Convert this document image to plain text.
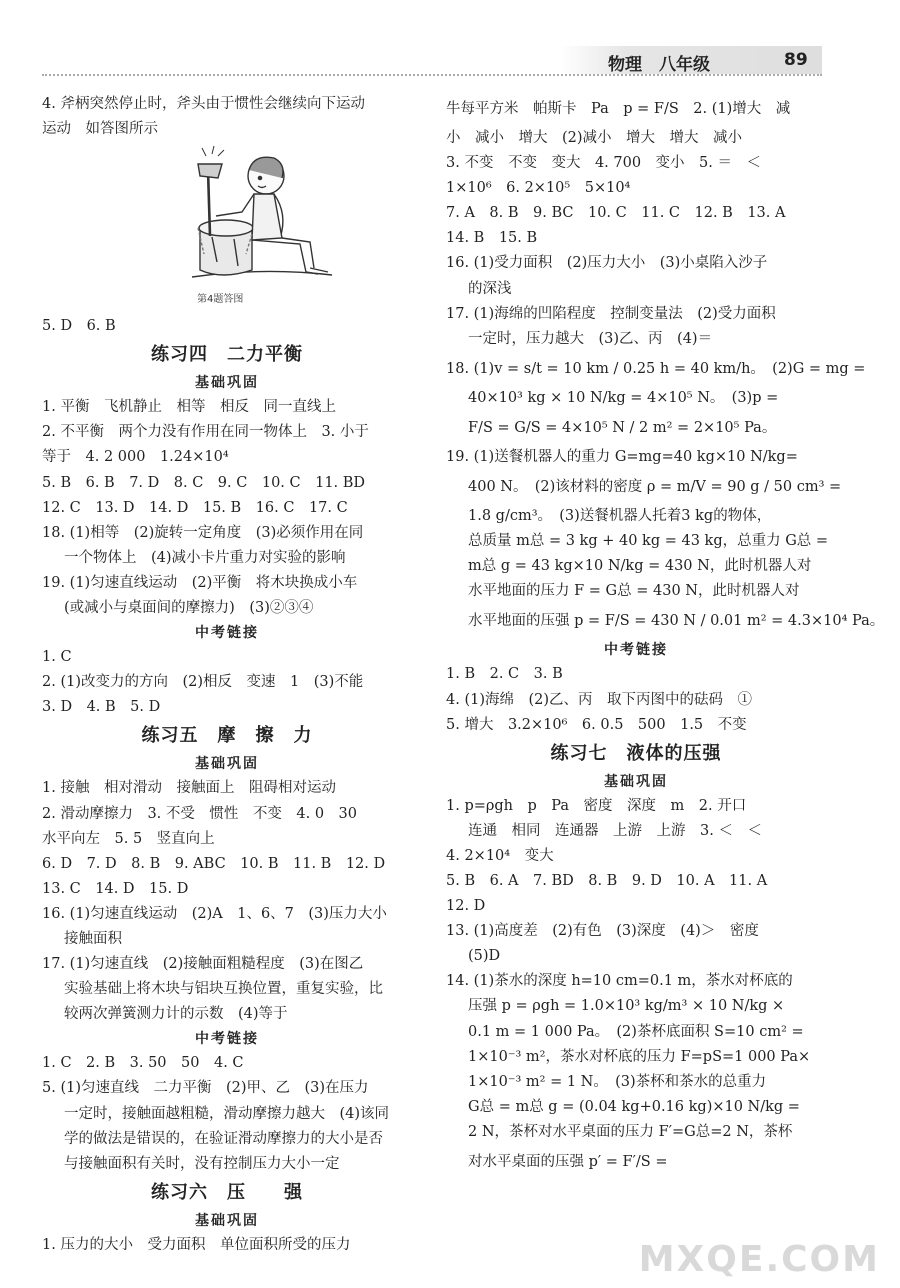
物理　八年级	89
4. 斧柄突然停止时，斧头由于惯性会继续向下运动
运动　如答图所示
第4题答图
5. D　6. B
练习四　二力平衡
基础巩固
1. 平衡　飞机静止　相等　相反　同一直线上
2. 不平衡　两个力没有作用在同一物体上　3. 小于
等于　4. 2 000　1.24×10⁴
5. B　6. B　7. D　8. C　9. C　10. C　11. BD
12. C　13. D　14. D　15. B　16. C　17. C
18. (1)相等　(2)旋转一定角度　(3)必须作用在同
一个物体上　(4)减小卡片重力对实验的影响
19. (1)匀速直线运动　(2)平衡　将木块换成小车
(或减小与桌面间的摩擦力)　(3)②③④
中考链接
1. C
2. (1)改变力的方向　(2)相反　变速　1　(3)不能
3. D　4. B　5. D
练习五　摩　擦　力
基础巩固
1. 接触　相对滑动　接触面上　阻碍相对运动
2. 滑动摩擦力　3. 不受　惯性　不变　4. 0　30
水平向左　5. 5　竖直向上
6. D　7. D　8. B　9. ABC　10. B　11. B　12. D
13. C　14. D　15. D
16. (1)匀速直线运动　(2)A　1、6、7　(3)压力大小
接触面积
17. (1)匀速直线　(2)接触面粗糙程度　(3)在图乙
实验基础上将木块与铝块互换位置，重复实验，比
较两次弹簧测力计的示数　(4)等于
中考链接
1. C　2. B　3. 50　50　4. C
5. (1)匀速直线　二力平衡　(2)甲、乙　(3)在压力
一定时，接触面越粗糙，滑动摩擦力越大　(4)该同
学的做法是错误的，在验证滑动摩擦力的大小是否
与接触面积有关时，没有控制压力大小一定
练习六　压　　强
基础巩固
1. 压力的大小　受力面积　单位面积所受的压力
牛每平方米　帕斯卡　Pa　p = F/S　2. (1)增大　减
小　减小　增大　(2)减小　增大　增大　减小
3. 不变　不变　变大　4. 700　变小　5. ＝　＜
1×10⁶　6. 2×10⁵　5×10⁴
7. A　8. B　9. BC　10. C　11. C　12. B　13. A
14. B　15. B
16. (1)受力面积　(2)压力大小　(3)小桌陷入沙子
的深浅
17. (1)海绵的凹陷程度　控制变量法　(2)受力面积
一定时，压力越大　(3)乙、丙　(4)＝
18. (1)v = s/t = 10 km / 0.25 h = 40 km/h。　(2)G = mg =
40×10³ kg × 10 N/kg = 4×10⁵ N。　(3)p =
F/S = G/S = 4×10⁵ N / 2 m² = 2×10⁵ Pa。
19. (1)送餐机器人的重力 G=mg=40 kg×10 N/kg=
400 N。　(2)该材料的密度 ρ = m/V = 90 g / 50 cm³ =
1.8 g/cm³。　(3)送餐机器人托着3 kg的物体，
总质量 m总 = 3 kg + 40 kg = 43 kg，总重力 G总 =
m总 g = 43 kg×10 N/kg = 430 N，此时机器人对
水平地面的压力 F = G总 = 430 N，此时机器人对
水平地面的压强 p = F/S = 430 N / 0.01 m² = 4.3×10⁴ Pa。
中考链接
1. B　2. C　3. B
4. (1)海绵　(2)乙、丙　取下丙图中的砝码　①
5. 增大　3.2×10⁶　6. 0.5　500　1.5　不变
练习七　液体的压强
基础巩固
1. p=ρgh　p　Pa　密度　深度　m　2. 开口
连通　相同　连通器　上游　上游　3. ＜　＜
4. 2×10⁴　变大
5. B　6. A　7. BD　8. B　9. D　10. A　11. A
12. D
13. (1)高度差　(2)有色　(3)深度　(4)＞　密度
(5)D
14. (1)茶水的深度 h=10 cm=0.1 m，茶水对杯底的
压强 p = ρgh = 1.0×10³ kg/m³ × 10 N/kg ×
0.1 m = 1 000 Pa。　(2)茶杯底面积 S=10 cm² =
1×10⁻³ m²，茶水对杯底的压力 F=pS=1 000 Pa×
1×10⁻³ m² = 1 N。　(3)茶杯和茶水的总重力
G总 = m总 g = (0.04 kg+0.16 kg)×10 N/kg =
2 N，茶杯对水平桌面的压力 F′=G总=2 N，茶杯
对水平桌面的压强 p′ = F′/S =
MXQE.COM
